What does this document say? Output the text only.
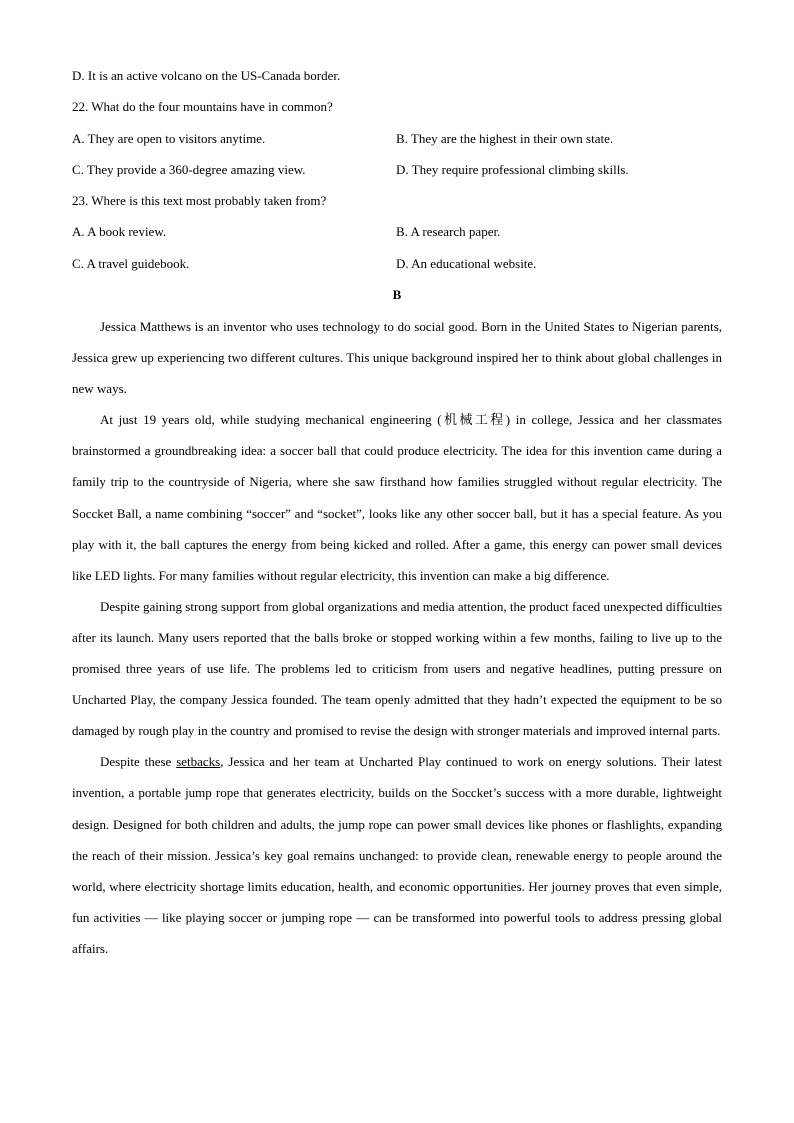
D. It is an active volcano on the US-Canada border.
22. What do the four mountains have in common?
A. They are open to visitors anytime.	B. They are the highest in their own state.
C. They provide a 360-degree amazing view.	D. They require professional climbing skills.
23. Where is this text most probably taken from?
A. A book review.	B. A research paper.
C. A travel guidebook.	D. An educational website.
B

Jessica Matthews is an inventor who uses technology to do social good. Born in the United States to Nigerian parents, Jessica grew up experiencing two different cultures. This unique background inspired her to think about global challenges in new ways.

At just 19 years old, while studying mechanical engineering (机械工程) in college, Jessica and her classmates brainstormed a groundbreaking idea: a soccer ball that could produce electricity. The idea for this invention came during a family trip to the countryside of Nigeria, where she saw firsthand how families struggled without regular electricity. The Soccket Ball, a name combining “soccer” and “socket”, looks like any other soccer ball, but it has a special feature. As you play with it, the ball captures the energy from being kicked and rolled. After a game, this energy can power small devices like LED lights. For many families without regular electricity, this invention can make a big difference.

Despite gaining strong support from global organizations and media attention, the product faced unexpected difficulties after its launch. Many users reported that the balls broke or stopped working within a few months, failing to live up to the promised three years of use life. The problems led to criticism from users and negative headlines, putting pressure on Uncharted Play, the company Jessica founded. The team openly admitted that they hadn’t expected the equipment to be so damaged by rough play in the country and promised to revise the design with stronger materials and improved internal parts.

Despite these setbacks, Jessica and her team at Uncharted Play continued to work on energy solutions. Their latest invention, a portable jump rope that generates electricity, builds on the Soccket’s success with a more durable, lightweight design. Designed for both children and adults, the jump rope can power small devices like phones or flashlights, expanding the reach of their mission. Jessica’s key goal remains unchanged: to provide clean, renewable energy to people around the world, where electricity shortage limits education, health, and economic opportunities. Her journey proves that even simple, fun activities — like playing soccer or jumping rope — can be transformed into powerful tools to address pressing global affairs.
